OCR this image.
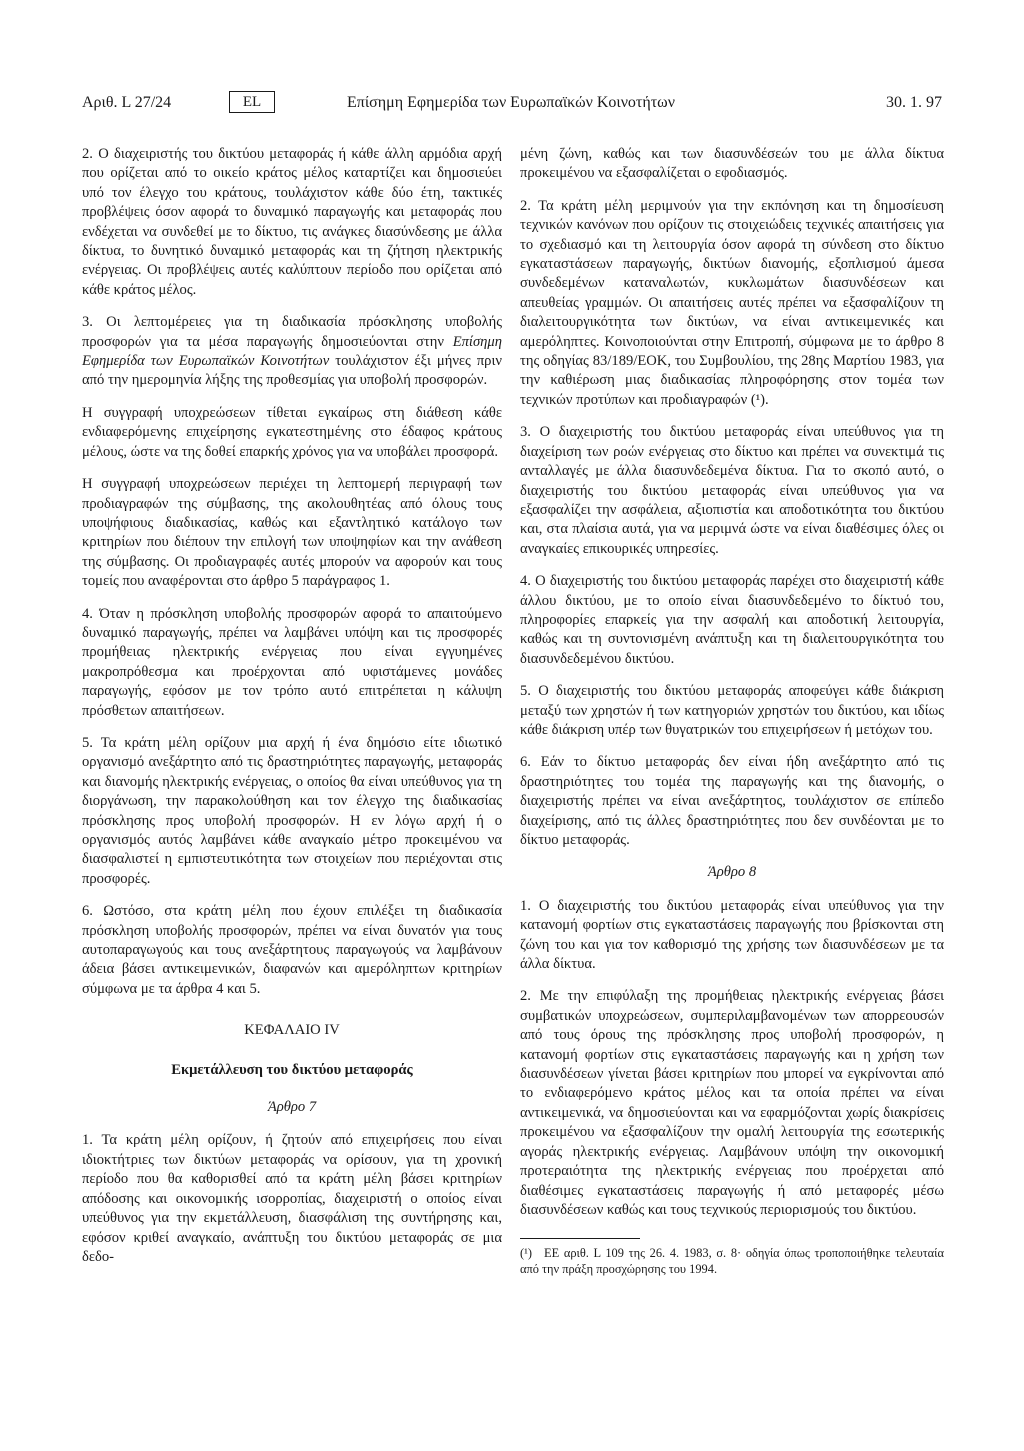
Αριθ. L 27/24	EL	Επίσημη Εφημερίδα των Ευρωπαϊκών Κοινοτήτων	30. 1. 97

2. Ο διαχειριστής του δικτύου μεταφοράς ή κάθε άλλη αρμόδια αρχή που ορίζεται από το οικείο κράτος μέλος καταρτίζει και δημοσιεύει υπό τον έλεγχο του κράτους, τουλάχιστον κάθε δύο έτη, τακτικές προβλέψεις όσον αφορά το δυναμικό παραγωγής και μεταφοράς που ενδέχεται να συνδεθεί με το δίκτυο, τις ανάγκες διασύνδεσης με άλλα δίκτυα, το δυνητικό δυναμικό μεταφοράς και τη ζήτηση ηλεκτρικής ενέργειας. Οι προβλέψεις αυτές καλύπτουν περίοδο που ορίζεται από κάθε κράτος μέλος.

3. Οι λεπτομέρειες για τη διαδικασία πρόσκλησης υποβολής προσφορών για τα μέσα παραγωγής δημοσιεύονται στην Επίσημη Εφημερίδα των Ευρωπαϊκών Κοινοτήτων τουλάχιστον έξι μήνες πριν από την ημερομηνία λήξης της προθεσμίας για υποβολή προσφορών.

Η συγγραφή υποχρεώσεων τίθεται εγκαίρως στη διάθεση κάθε ενδιαφερόμενης επιχείρησης εγκατεστημένης στο έδαφος κράτους μέλους, ώστε να της δοθεί επαρκής χρόνος για να υποβάλει προσφορά.

Η συγγραφή υποχρεώσεων περιέχει τη λεπτομερή περιγραφή των προδιαγραφών της σύμβασης, της ακολουθητέας από όλους τους υποψήφιους διαδικασίας, καθώς και εξαντλητικό κατάλογο των κριτηρίων που διέπουν την επιλογή των υποψηφίων και την ανάθεση της σύμβασης. Οι προδιαγραφές αυτές μπορούν να αφορούν και τους τομείς που αναφέρονται στο άρθρο 5 παράγραφος 1.

4. Όταν η πρόσκληση υποβολής προσφορών αφορά το απαιτούμενο δυναμικό παραγωγής, πρέπει να λαμβάνει υπόψη και τις προσφορές προμήθειας ηλεκτρικής ενέργειας που είναι εγγυημένες μακροπρόθεσμα και προέρχονται από υφιστάμενες μονάδες παραγωγής, εφόσον με τον τρόπο αυτό επιτρέπεται η κάλυψη πρόσθετων απαιτήσεων.

5. Τα κράτη μέλη ορίζουν μια αρχή ή ένα δημόσιο είτε ιδιωτικό οργανισμό ανεξάρτητο από τις δραστηριότητες παραγωγής, μεταφοράς και διανομής ηλεκτρικής ενέργειας, ο οποίος θα είναι υπεύθυνος για τη διοργάνωση, την παρακολούθηση και τον έλεγχο της διαδικασίας πρόσκλησης προς υποβολή προσφορών. Η εν λόγω αρχή ή ο οργανισμός αυτός λαμβάνει κάθε αναγκαίο μέτρο προκειμένου να διασφαλιστεί η εμπιστευτικότητα των στοιχείων που περιέχονται στις προσφορές.

6. Ωστόσο, στα κράτη μέλη που έχουν επιλέξει τη διαδικασία πρόσκληση υποβολής προσφορών, πρέπει να είναι δυνατόν για τους αυτοπαραγωγούς και τους ανεξάρτητους παραγωγούς να λαμβάνουν άδεια βάσει αντικειμενικών, διαφανών και αμερόληπτων κριτηρίων σύμφωνα με τα άρθρα 4 και 5.

ΚΕΦΑΛΑΙΟ IV

Εκμετάλλευση του δικτύου μεταφοράς

Άρθρο 7

1. Τα κράτη μέλη ορίζουν, ή ζητούν από επιχειρήσεις που είναι ιδιοκτήτριες των δικτύων μεταφοράς να ορίσουν, για τη χρονική περίοδο που θα καθορισθεί από τα κράτη μέλη βάσει κριτηρίων απόδοσης και οικονομικής ισορροπίας, διαχειριστή ο οποίος είναι υπεύθυνος για την εκμετάλλευση, διασφάλιση της συντήρησης και, εφόσον κριθεί αναγκαίο, ανάπτυξη του δικτύου μεταφοράς σε μια δεδο-

μένη ζώνη, καθώς και των διασυνδέσεών του με άλλα δίκτυα προκειμένου να εξασφαλίζεται ο εφοδιασμός.

2. Τα κράτη μέλη μεριμνούν για την εκπόνηση και τη δημοσίευση τεχνικών κανόνων που ορίζουν τις στοιχειώδεις τεχνικές απαιτήσεις για το σχεδιασμό και τη λειτουργία όσον αφορά τη σύνδεση στο δίκτυο εγκαταστάσεων παραγωγής, δικτύων διανομής, εξοπλισμού άμεσα συνδεδεμένων καταναλωτών, κυκλωμάτων διασυνδέσεων και απευθείας γραμμών. Οι απαιτήσεις αυτές πρέπει να εξασφαλίζουν τη διαλειτουργικότητα των δικτύων, να είναι αντικειμενικές και αμερόληπτες. Κοινοποιούνται στην Επιτροπή, σύμφωνα με το άρθρο 8 της οδηγίας 83/189/ΕΟΚ, του Συμβουλίου, της 28ης Μαρτίου 1983, για την καθιέρωση μιας διαδικασίας πληροφόρησης στον τομέα των τεχνικών προτύπων και προδιαγραφών (¹).

3. Ο διαχειριστής του δικτύου μεταφοράς είναι υπεύθυνος για τη διαχείριση των ροών ενέργειας στο δίκτυο και πρέπει να συνεκτιμά τις ανταλλαγές με άλλα διασυνδεδεμένα δίκτυα. Για το σκοπό αυτό, ο διαχειριστής του δικτύου μεταφοράς είναι υπεύθυνος για να εξασφαλίζει την ασφάλεια, αξιοπιστία και αποδοτικότητα του δικτύου και, στα πλαίσια αυτά, για να μεριμνά ώστε να είναι διαθέσιμες όλες οι αναγκαίες επικουρικές υπηρεσίες.

4. Ο διαχειριστής του δικτύου μεταφοράς παρέχει στο διαχειριστή κάθε άλλου δικτύου, με το οποίο είναι διασυνδεδεμένο το δίκτυό του, πληροφορίες επαρκείς για την ασφαλή και αποδοτική λειτουργία, καθώς και τη συντονισμένη ανάπτυξη και τη διαλειτουργικότητα του διασυνδεδεμένου δικτύου.

5. Ο διαχειριστής του δικτύου μεταφοράς αποφεύγει κάθε διάκριση μεταξύ των χρηστών ή των κατηγοριών χρηστών του δικτύου, και ιδίως κάθε διάκριση υπέρ των θυγατρικών του επιχειρήσεων ή μετόχων του.

6. Εάν το δίκτυο μεταφοράς δεν είναι ήδη ανεξάρτητο από τις δραστηριότητες του τομέα της παραγωγής και της διανομής, ο διαχειριστής πρέπει να είναι ανεξάρτητος, τουλάχιστον σε επίπεδο διαχείρισης, από τις άλλες δραστηριότητες που δεν συνδέονται με το δίκτυο μεταφοράς.

Άρθρο 8

1. Ο διαχειριστής του δικτύου μεταφοράς είναι υπεύθυνος για την κατανομή φορτίων στις εγκαταστάσεις παραγωγής που βρίσκονται στη ζώνη του και για τον καθορισμό της χρήσης των διασυνδέσεων με τα άλλα δίκτυα.

2. Με την επιφύλαξη της προμήθειας ηλεκτρικής ενέργειας βάσει συμβατικών υποχρεώσεων, συμπεριλαμβανομένων των απορρεουσών από τους όρους της πρόσκλησης προς υποβολή προσφορών, η κατανομή φορτίων στις εγκαταστάσεις παραγωγής και η χρήση των διασυνδέσεων γίνεται βάσει κριτηρίων που μπορεί να εγκρίνονται από το ενδιαφερόμενο κράτος μέλος και τα οποία πρέπει να είναι αντικειμενικά, να δημοσιεύονται και να εφαρμόζονται χωρίς διακρίσεις προκειμένου να εξασφαλίζουν την ομαλή λειτουργία της εσωτερικής αγοράς ηλεκτρικής ενέργειας. Λαμβάνουν υπόψη την οικονομική προτεραιότητα της ηλεκτρικής ενέργειας που προέρχεται από διαθέσιμες εγκαταστάσεις παραγωγής ή από μεταφορές μέσω διασυνδέσεων καθώς και τους τεχνικούς περιορισμούς του δικτύου.

(¹) ΕΕ αριθ. L 109 της 26. 4. 1983, σ. 8· οδηγία όπως τροποποιήθηκε τελευταία από την πράξη προσχώρησης του 1994.
